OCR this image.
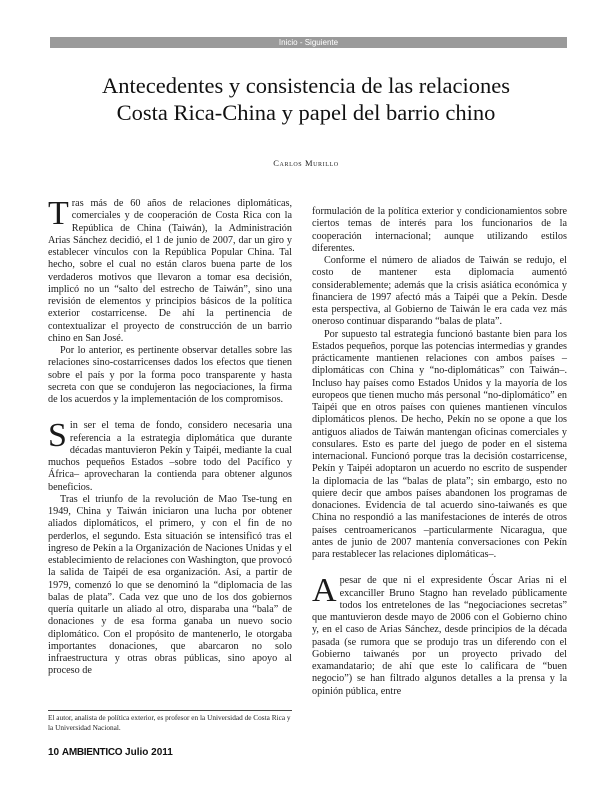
Inicio - Siguiente
Antecedentes y consistencia de las relaciones
Costa Rica-China y papel del barrio chino
Carlos Murillo

Tras más de 60 años de relaciones diplomáticas, comerciales y de cooperación de Costa Rica con la República de China (Taiwán), la Administración Arias Sánchez decidió, el 1 de junio de 2007, dar un giro y establecer vínculos con la República Popular China. Tal hecho, sobre el cual no están claros buena parte de los verdaderos motivos que llevaron a tomar esa decisión, implicó no un “salto del estrecho de Taiwán”, sino una revisión de elementos y principios básicos de la política exterior costarricense. De ahí la pertinencia de contextualizar el proyecto de construcción de un barrio chino en San José.

Por lo anterior, es pertinente observar detalles sobre las relaciones sino-costarricenses dados los efectos que tienen sobre el país y por la forma poco transparente y hasta secreta con que se condujeron las negociaciones, la firma de los acuerdos y la implementación de los compromisos.

Sin ser el tema de fondo, considero necesaria una referencia a la estrategia diplomática que durante décadas mantuvieron Pekín y Taipéi, mediante la cual muchos pequeños Estados –sobre todo del Pacífico y África– aprovecharan la contienda para obtener algunos beneficios.

Tras el triunfo de la revolución de Mao Tse-tung en 1949, China y Taiwán iniciaron una lucha por obtener aliados diplomáticos, el primero, y con el fin de no perderlos, el segundo. Esta situación se intensificó tras el ingreso de Pekín a la Organización de Naciones Unidas y el establecimiento de relaciones con Washington, que provocó la salida de Taipéi de esa organización. Así, a partir de 1979, comenzó lo que se denominó la “diplomacia de las balas de plata”. Cada vez que uno de los dos gobiernos quería quitarle un aliado al otro, disparaba una “bala” de donaciones y de esa forma ganaba un nuevo socio diplomático. Con el propósito de mantenerlo, le otorgaba importantes donaciones, que abarcaron no solo infraestructura y otras obras públicas, sino apoyo al proceso de

formulación de la política exterior y condicionamientos sobre ciertos temas de interés para los funcionarios de la cooperación internacional; aunque utilizando estilos diferentes.

Conforme el número de aliados de Taiwán se redujo, el costo de mantener esta diplomacia aumentó considerablemente; además que la crisis asiática económica y financiera de 1997 afectó más a Taipéi que a Pekín. Desde esta perspectiva, al Gobierno de Taiwán le era cada vez más oneroso continuar disparando “balas de plata”.

Por supuesto tal estrategia funcionó bastante bien para los Estados pequeños, porque las potencias intermedias y grandes prácticamente mantienen relaciones con ambos países –diplomáticas con China y “no-diplomáticas” con Taiwán–. Incluso hay países como Estados Unidos y la mayoría de los europeos que tienen mucho más personal “no-diplomático” en Taipéi que en otros países con quienes mantienen vínculos diplomáticos plenos. De hecho, Pekín no se opone a que los antiguos aliados de Taiwán mantengan oficinas comerciales y consulares. Esto es parte del juego de poder en el sistema internacional. Funcionó porque tras la decisión costarricense, Pekín y Taipéi adoptaron un acuerdo no escrito de suspender la diplomacia de las “balas de plata”; sin embargo, esto no quiere decir que ambos países abandonen los programas de donaciones. Evidencia de tal acuerdo sino-taiwanés es que China no respondió a las manifestaciones de interés de otros países centroamericanos –particularmente Nicaragua, que antes de junio de 2007 mantenía conversaciones con Pekín para restablecer las relaciones diplomáticas–.

Apesar de que ni el expresidente Óscar Arias ni el excanciller Bruno Stagno han revelado públicamente todos los entretelones de las “negociaciones secretas” que mantuvieron desde mayo de 2006 con el Gobierno chino y, en el caso de Arias Sánchez, desde principios de la década pasada (se rumora que se produjo tras un diferendo con el Gobierno taiwanés por un proyecto privado del examandatario; de ahí que este lo calificara de “buen negocio”) se han filtrado algunos detalles a la prensa y la opinión pública, entre

El autor, analista de política exterior, es profesor en la Universidad de Costa Rica y la Universidad Nacional.
10 AMBIENTICO Julio 2011
